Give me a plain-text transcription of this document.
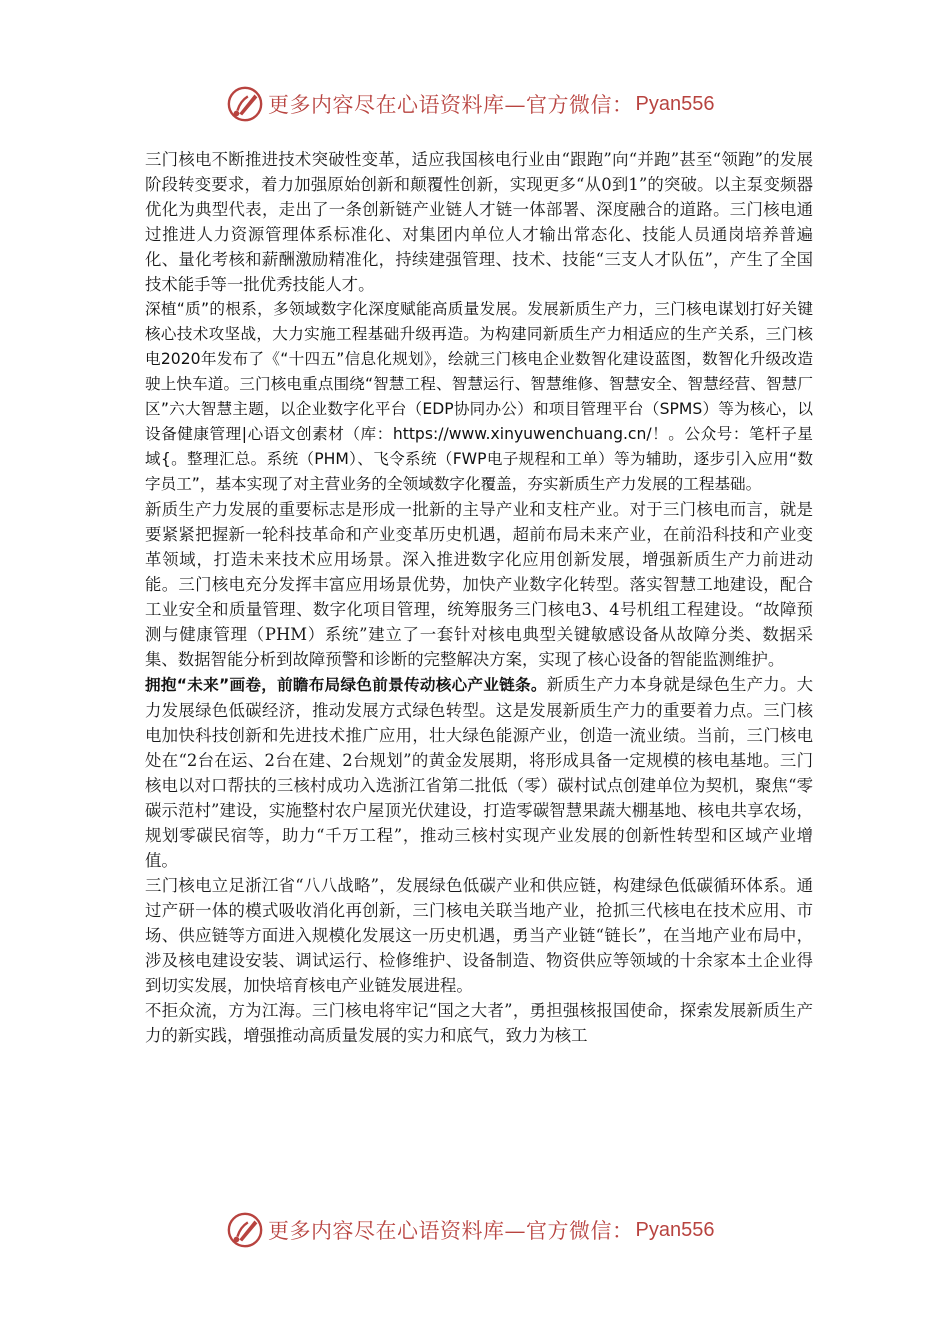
更多内容尽在心语资料库—官方微信： Pyan556

三门核电不断推进技术突破性变革，适应我国核电行业由“跟跑”向“并跑”甚至“领跑”的发展阶段转变要求，着力加强原始创新和颠覆性创新，实现更多“从0到1”的突破。以主泵变频器优化为典型代表，走出了一条创新链产业链人才链一体部署、深度融合的道路。三门核电通过推进人力资源管理体系标准化、对集团内单位人才输出常态化、技能人员通岗培养普遍化、量化考核和薪酬激励精准化，持续建强管理、技术、技能“三支人才队伍”，产生了全国技术能手等一批优秀技能人才。

深植“质”的根系，多领域数字化深度赋能高质量发展。发展新质生产力，三门核电谋划打好关键核心技术攻坚战，大力实施工程基础升级再造。为构建同新质生产力相适应的生产关系，三门核电2020年发布了《“十四五”信息化规划》，绘就三门核电企业数智化建设蓝图，数智化升级改造驶上快车道。三门核电重点围绕“智慧工程、智慧运行、智慧维修、智慧安全、智慧经营、智慧厂区”六大智慧主题，以企业数字化平台（EDP协同办公）和项目管理平台（SPMS）等为核心，以设备健康管理|心语文创素材（库：https://www.xinyuwenchuang.cn/！。公众号：笔杆子星域{。整理汇总。系统（PHM）、飞令系统（FWP电子规程和工单）等为辅助，逐步引入应用“数字员工”，基本实现了对主营业务的全领域数字化覆盖，夯实新质生产力发展的工程基础。

新质生产力发展的重要标志是形成一批新的主导产业和支柱产业。对于三门核电而言，就是要紧紧把握新一轮科技革命和产业变革历史机遇，超前布局未来产业，在前沿科技和产业变革领域，打造未来技术应用场景。深入推进数字化应用创新发展，增强新质生产力前进动能。三门核电充分发挥丰富应用场景优势，加快产业数字化转型。落实智慧工地建设，配合工业安全和质量管理、数字化项目管理，统筹服务三门核电3、4号机组工程建设。“故障预测与健康管理（PHM）系统”建立了一套针对核电典型关键敏感设备从故障分类、数据采集、数据智能分析到故障预警和诊断的完整解决方案，实现了核心设备的智能监测维护。

拥抱“未来”画卷，前瞻布局绿色前景传动核心产业链条。新质生产力本身就是绿色生产力。大力发展绿色低碳经济，推动发展方式绿色转型。这是发展新质生产力的重要着力点。三门核电加快科技创新和先进技术推广应用，壮大绿色能源产业，创造一流业绩。当前，三门核电处在“2台在运、2台在建、2台规划”的黄金发展期，将形成具备一定规模的核电基地。三门核电以对口帮扶的三核村成功入选浙江省第二批低（零）碳村试点创建单位为契机，聚焦“零碳示范村”建设，实施整村农户屋顶光伏建设，打造零碳智慧果蔬大棚基地、核电共享农场，规划零碳民宿等，助力“千万工程”，推动三核村实现产业发展的创新性转型和区域产业增值。

三门核电立足浙江省“八八战略”，发展绿色低碳产业和供应链，构建绿色低碳循环体系。通过产研一体的模式吸收消化再创新，三门核电关联当地产业，抢抓三代核电在技术应用、市场、供应链等方面进入规模化发展这一历史机遇，勇当产业链“链长”，在当地产业布局中，涉及核电建设安装、调试运行、检修维护、设备制造、物资供应等领域的十余家本土企业得到切实发展，加快培育核电产业链发展进程。

不拒众流，方为江海。三门核电将牢记“国之大者”，勇担强核报国使命，探索发展新质生产力的新实践，增强推动高质量发展的实力和底气，致力为核工

更多内容尽在心语资料库—官方微信： Pyan556
